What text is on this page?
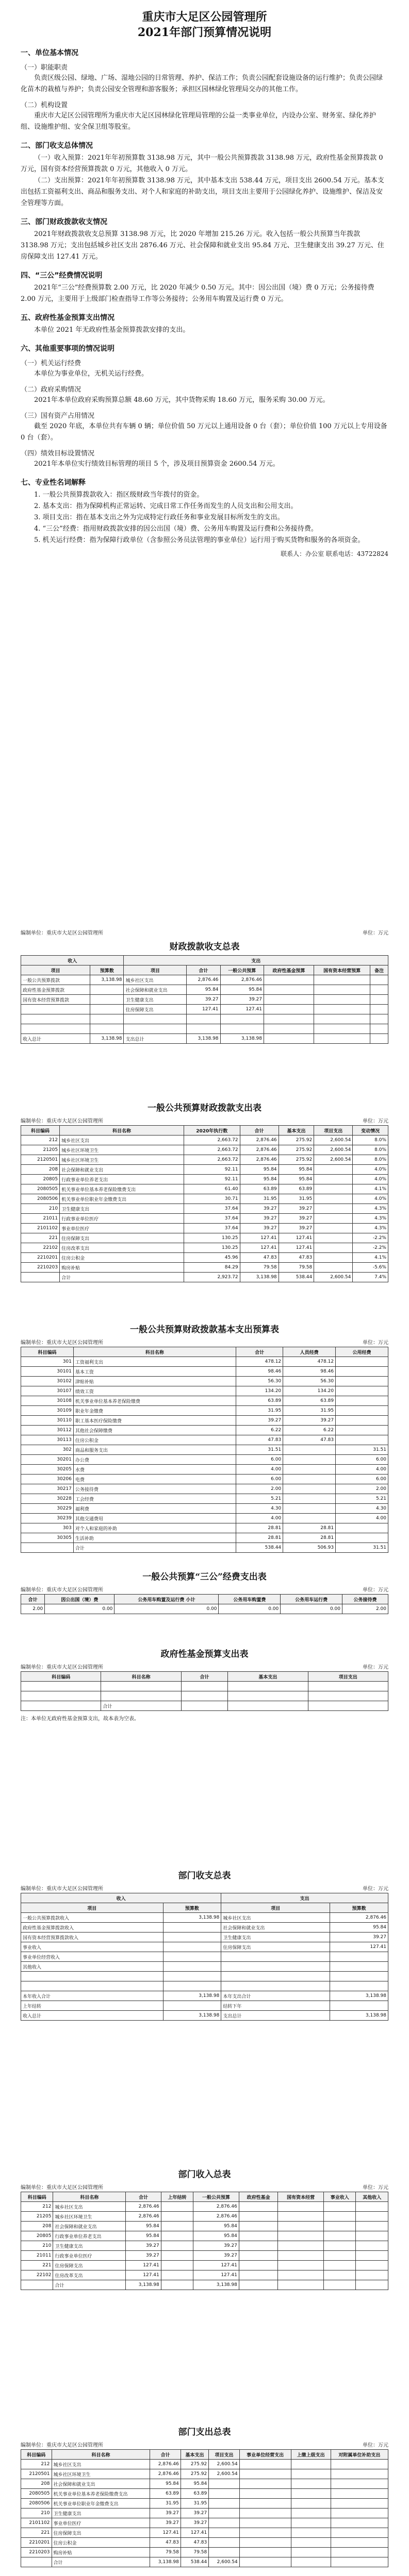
重庆市大足区公园管理所
2021年部门预算情况说明
一、单位基本情况
（一）职能职责

负责区级公园、绿地、广场、湿地公园的日常管理、养护、保洁工作；负责公园配套设施设备的运行维护；负责公园绿化苗木的栽植与养护；负责公园安全管理和游客服务；承担区园林绿化管理局交办的其他工作。

（二）机构设置

重庆市大足区公园管理所为重庆市大足区园林绿化管理局管理的公益一类事业单位，内设办公室、财务室、绿化养护组、设施维护组、安全保卫组等股室。

二、部门收支总体情况

（一）收入预算：2021年年初预算数 3138.98 万元，其中一般公共预算拨款 3138.98 万元，政府性基金预算拨款 0 万元，国有资本经营预算拨款 0 万元，其他收入 0 万元。

（二）支出预算：2021年年初预算数 3138.98 万元，其中基本支出 538.44 万元，项目支出 2600.54 万元。基本支出包括工资福利支出、商品和服务支出、对个人和家庭的补助支出，项目支出主要用于公园绿化养护、设施维护、保洁及安全管理等方面。

三、部门财政拨款收支情况

2021年财政拨款收支总预算 3138.98 万元，比 2020 年增加 215.26 万元。收入包括一般公共预算当年拨款 3138.98 万元；支出包括城乡社区支出 2876.46 万元、社会保障和就业支出 95.84 万元、卫生健康支出 39.27 万元、住房保障支出 127.41 万元。

四、“三公”经费情况说明

2021年“三公”经费预算数 2.00 万元，比 2020 年减少 0.50 万元。其中：因公出国（境）费 0 万元；公务接待费 2.00 万元，主要用于上级部门检查指导工作等公务接待；公务用车购置及运行费 0 万元。

五、政府性基金预算支出情况

本单位 2021 年无政府性基金预算拨款安排的支出。

六、其他重要事项的情况说明
（一）机关运行经费

本单位为事业单位，无机关运行经费。

（二）政府采购情况

2021年本单位政府采购预算总额 48.60 万元，其中货物采购 18.60 万元，服务采购 30.00 万元。

（三）国有资产占用情况

截至 2020 年底，本单位共有车辆 0 辆；单位价值 50 万元以上通用设备 0 台（套）；单位价值 100 万元以上专用设备 0 台（套）。

（四）绩效目标设置情况

2021年本单位实行绩效目标管理的项目 5 个，涉及项目预算资金 2600.54 万元。

七、专业性名词解释

1. 一般公共预算拨款收入：指区级财政当年拨付的资金。

2. 基本支出：指为保障机构正常运转、完成日常工作任务而发生的人员支出和公用支出。

3. 项目支出：指在基本支出之外为完成特定行政任务和事业发展目标所发生的支出。

4. “三公”经费：指用财政拨款安排的因公出国（境）费、公务用车购置及运行费和公务接待费。

5. 机关运行经费：指为保障行政单位（含参照公务员法管理的事业单位）运行用于购买货物和服务的各项资金。

联系人：办公室 联系电话：43722824
编制单位：重庆市大足区公园管理所	单位：万元
财政拨款收支总表
收入		支出					
项目	预算数	项目	合计	一般公共预算	政府性基金预算	国有资本经营预算	备注
一般公共预算拨款	3,138.98	城乡社区支出	2,876.46	2,876.46			
政府性基金预算拨款		社会保障和就业支出	95.84	95.84			
国有资本经营预算拨款		卫生健康支出	39.27	39.27			
		住房保障支出	127.41	127.41			

收入总计	3,138.98	支出总计	3,138.98	3,138.98			
一般公共预算财政拨款支出表
编制单位：重庆市大足区公园管理所	单位：万元
科目编码	科目名称	2020年执行数	合计	基本支出	项目支出	变动情况
212	城乡社区支出	2,663.72	2,876.46	275.92	2,600.54	8.0%
21205	城乡社区环境卫生	2,663.72	2,876.46	275.92	2,600.54	8.0%
2120501	城乡社区环境卫生	2,663.72	2,876.46	275.92	2,600.54	8.0%
208	社会保障和就业支出	92.11	95.84	95.84		4.0%
20805	行政事业单位养老支出	92.11	95.84	95.84		4.0%
2080505	机关事业单位基本养老保险缴费支出	61.40	63.89	63.89		4.1%
2080506	机关事业单位职业年金缴费支出	30.71	31.95	31.95		4.0%
210	卫生健康支出	37.64	39.27	39.27		4.3%
21011	行政事业单位医疗	37.64	39.27	39.27		4.3%
2101102	事业单位医疗	37.64	39.27	39.27		4.3%
221	住房保障支出	130.25	127.41	127.41		-2.2%
22102	住房改革支出	130.25	127.41	127.41		-2.2%
2210201	住房公积金	45.96	47.83	47.83		4.1%
2210203	购房补贴	84.29	79.58	79.58		-5.6%
	合计	2,923.72	3,138.98	538.44	2,600.54	7.4%
一般公共预算财政拨款基本支出预算表
编制单位：重庆市大足区公园管理所	单位：万元
科目编码	科目名称	合计	人员经费	公用经费
301	工资福利支出	478.12	478.12	
30101	基本工资	98.46	98.46	
30102	津贴补贴	56.30	56.30	
30107	绩效工资	134.20	134.20	
30108	机关事业单位基本养老保险缴费	63.89	63.89	
30109	职业年金缴费	31.95	31.95	
30110	职工基本医疗保险缴费	39.27	39.27	
30112	其他社会保障缴费	6.22	6.22	
30113	住房公积金	47.83	47.83	
302	商品和服务支出	31.51		31.51
30201	办公费	6.00		6.00
30205	水费	4.00		4.00
30206	电费	6.00		6.00
30217	公务接待费	2.00		2.00
30228	工会经费	5.21		5.21
30229	福利费	4.30		4.30
30239	其他交通费用	4.00		4.00
303	对个人和家庭的补助	28.81	28.81	
30305	生活补助	28.81	28.81	
	合计	538.44	506.93	31.51
一般公共预算“三公”经费支出表
编制单位：重庆市大足区公园管理所	单位：万元
合计	因公出国（境）费	公务用车购置及运行费 小计	公务用车购置费	公务用车运行费	公务接待费
2.00	0.00	0.00	0.00	0.00	2.00
政府性基金预算支出表
编制单位：重庆市大足区公园管理所	单位：万元
科目编码	科目名称	合计	基本支出	项目支出

	合计			
注：本单位无政府性基金预算支出，故本表为空表。
部门收支总表
编制单位：重庆市大足区公园管理所	单位：万元
收入		支出	
项目	预算数	项目	预算数
一般公共预算拨款收入	3,138.98	城乡社区支出	2,876.46
政府性基金预算拨款收入		社会保障和就业支出	95.84
国有资本经营预算拨款收入		卫生健康支出	39.27
事业收入		住房保障支出	127.41
事业单位经营收入			
其他收入			

本年收入合计	3,138.98	本年支出合计	3,138.98
上年结转		结转下年	
收入总计	3,138.98	支出总计	3,138.98
部门收入总表
编制单位：重庆市大足区公园管理所	单位：万元
科目编码	科目名称	合计	上年结转	一般公共预算	政府性基金	国有资本经营	事业收入	其他收入
212	城乡社区支出	2,876.46		2,876.46				
21205	城乡社区环境卫生	2,876.46		2,876.46				
208	社会保障和就业支出	95.84		95.84				
20805	行政事业单位养老支出	95.84		95.84				
210	卫生健康支出	39.27		39.27				
21011	行政事业单位医疗	39.27		39.27				
221	住房保障支出	127.41		127.41				
22102	住房改革支出	127.41		127.41				
	合计	3,138.98		3,138.98				
部门支出总表
编制单位：重庆市大足区公园管理所	单位：万元
科目编码	科目名称	合计	基本支出	项目支出	事业单位经营支出	上缴上级支出	对附属单位补助支出
212	城乡社区支出	2,876.46	275.92	2,600.54			
2120501	城乡社区环境卫生	2,876.46	275.92	2,600.54			
208	社会保障和就业支出	95.84	95.84				
2080505	机关事业单位基本养老保险缴费支出	63.89	63.89				
2080506	机关事业单位职业年金缴费支出	31.95	31.95				
210	卫生健康支出	39.27	39.27				
2101102	事业单位医疗	39.27	39.27				
221	住房保障支出	127.41	127.41				
2210201	住房公积金	47.83	47.83				
2210203	购房补贴	79.58	79.58				
	合计	3,138.98	538.44	2,600.54			
